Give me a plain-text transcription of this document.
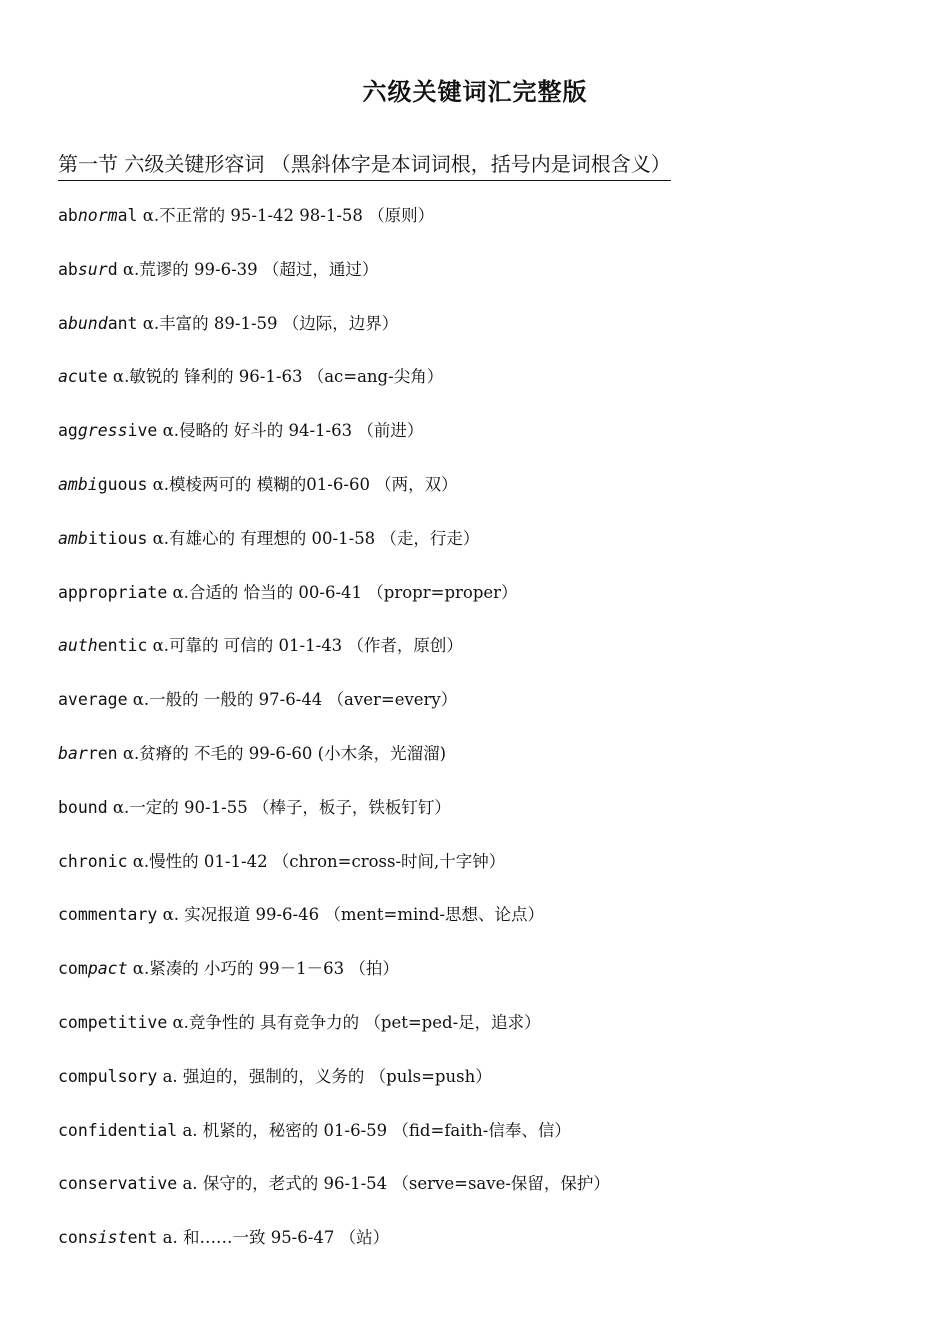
六级关键词汇完整版
第一节 六级关键形容词 （黑斜体字是本词词根，括号内是词根含义）
abnormal α.不正常的 95-1-42 98-1-58 （原则）
absurd α.荒谬的 99-6-39 （超过，通过）
abundant α.丰富的 89-1-59 （边际，边界）
acute α.敏锐的 锋利的 96-1-63 （ac=ang-尖角）
aggressive α.侵略的 好斗的 94-1-63 （前进）
ambiguous α.模棱两可的 模糊的01-6-60 （两，双）
ambitious α.有雄心的 有理想的 00-1-58 （走，行走）
appropriate α.合适的 恰当的 00-6-41 （propr=proper）
authentic α.可靠的 可信的 01-1-43 （作者，原创）
average α.一般的 一般的 97-6-44 （aver=every）
barren α.贫瘠的 不毛的 99-6-60 (小木条，光溜溜)
bound α.一定的 90-1-55 （棒子，板子，铁板钉钉）
chronic α.慢性的 01-1-42 （chron=cross-时间,十字钟）
commentary α. 实况报道 99-6-46 （ment=mind-思想、论点）
compact α.紧凑的 小巧的 99－1－63 （拍）
competitive α.竞争性的 具有竞争力的 （pet=ped-足，追求）
compulsory a. 强迫的，强制的，义务的 （puls=push）
confidential a. 机紧的，秘密的 01-6-59 （fid=faith-信奉、信）
conservative a. 保守的，老式的 96-1-54 （serve=save-保留，保护）
consistent a. 和……一致 95-6-47 （站）
